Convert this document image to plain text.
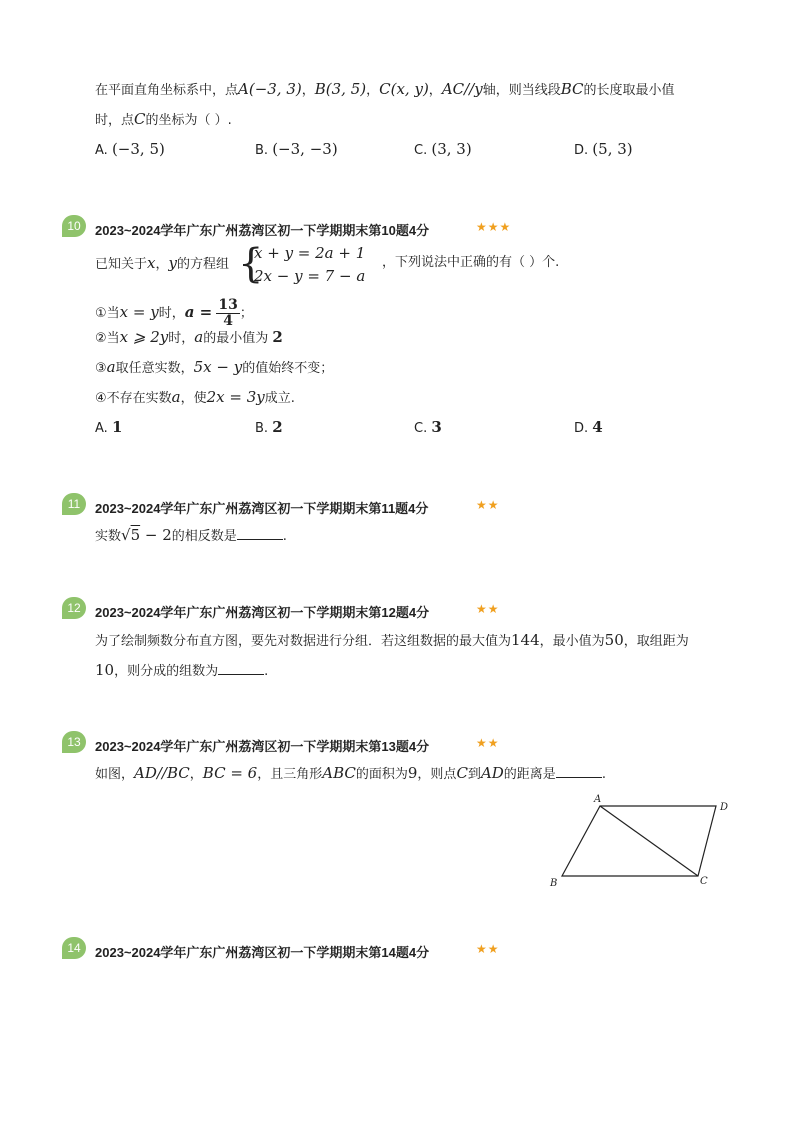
在平面直角坐标系中，点A(−3, 3)，B(3, 5)，C(x, y)，AC//y轴，则当线段BC的长度取最小值
时，点C的坐标为（ ）.
A. (−3, 5)	B. (−3, −3)	C. (3, 3)	D. (5, 3)
10	2023~2024学年广东广州荔湾区初一下学期期末第10题4分	★★★
已知关于x，y的方程组 {
x + y = 2a + 1
2x − y = 7 − a
，下列说法中正确的有（ ）个.
①当x = y时，$a = \frac{13}{4}$ ；
②当x ⩾ 2y时，a的最小值为 2
③a取任意实数，5x − y的值始终不变；
④不存在实数a，使2x = 3y成立.
A. 1	B. 2	C. 3	D. 4
11	2023~2024学年广东广州荔湾区初一下学期期末第11题4分	★★
实数√5 − 2的相反数是	.
12	2023~2024学年广东广州荔湾区初一下学期期末第12题4分	★★
为了绘制频数分布直方图，要先对数据进行分组．若这组数据的最大值为144，最小值为50，取组距为
10，则分成的组数为	.
13	2023~2024学年广东广州荔湾区初一下学期期末第13题4分	★★
如图，AD//BC，BC = 6，且三角形ABC的面积为9，则点C到AD的距离是	.
A
D
B	C
14	2023~2024学年广东广州荔湾区初一下学期期末第14题4分	★★
